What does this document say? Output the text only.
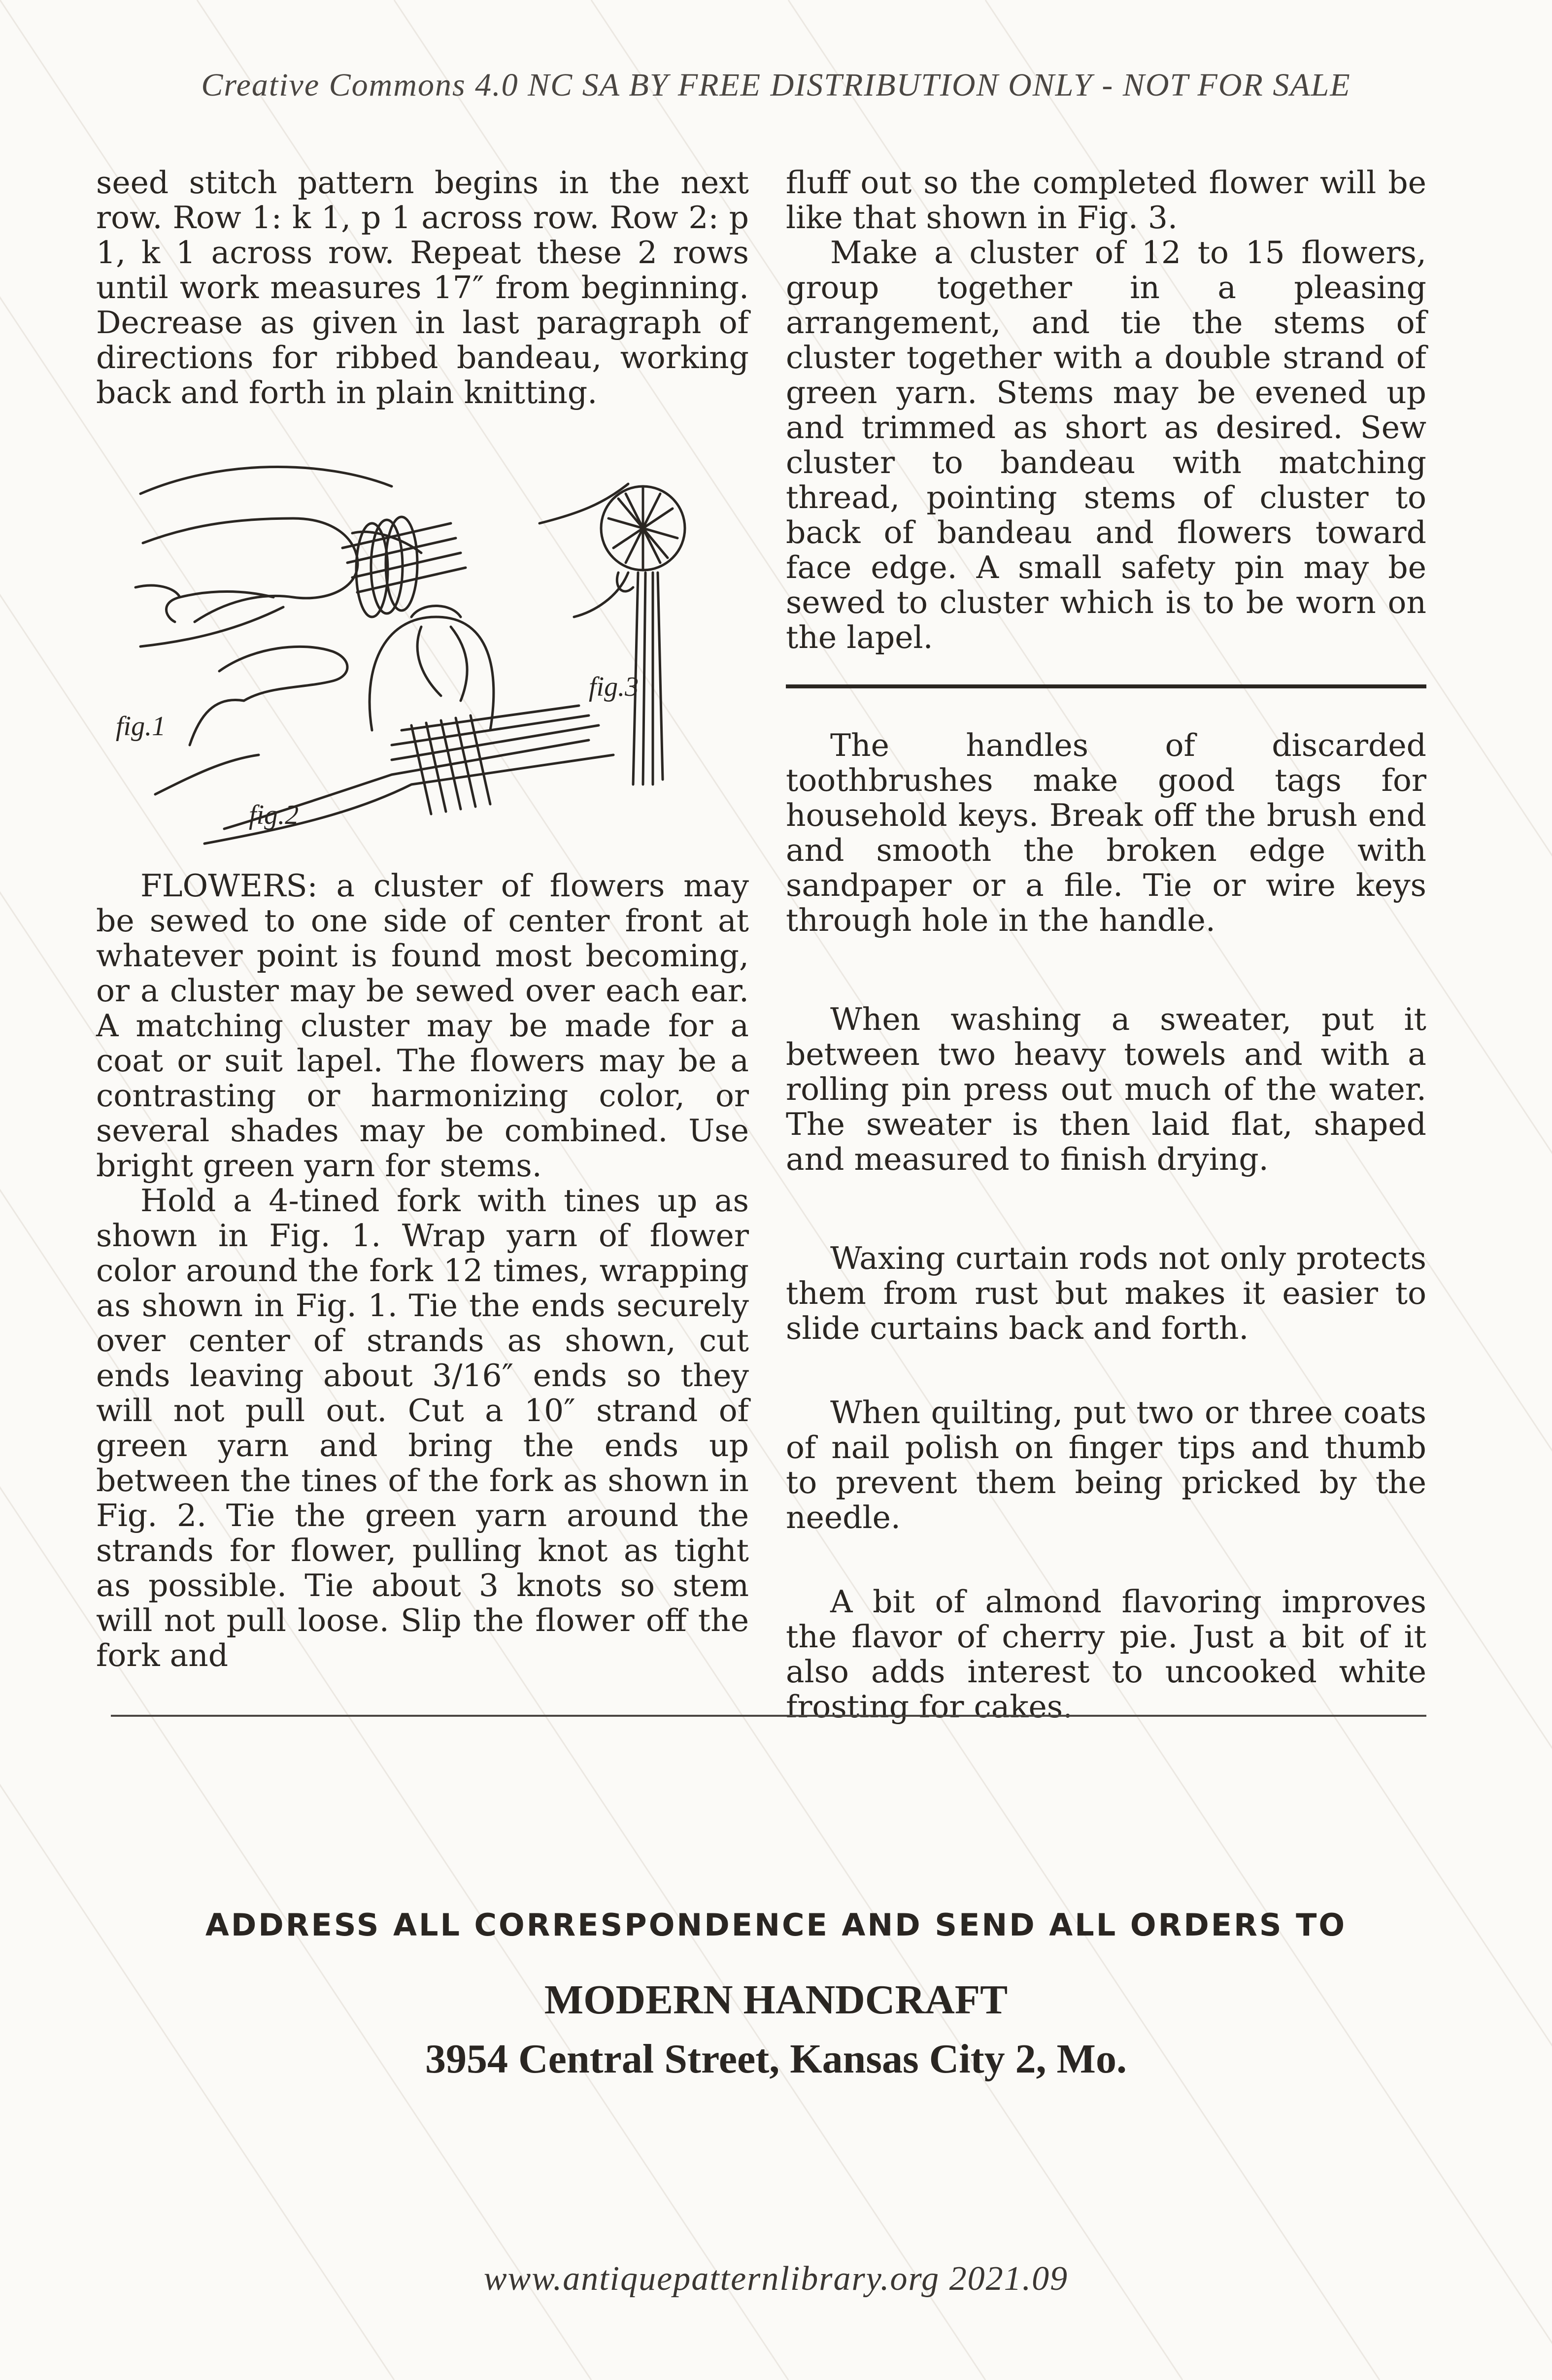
Creative Commons 4.0 NC SA BY FREE DISTRIBUTION ONLY - NOT FOR SALE

seed stitch pattern begins in the next row. Row 1: k 1, p 1 across row. Row 2: p 1, k 1 across row. Repeat these 2 rows until work measures 17″ from beginning. Decrease as given in last paragraph of directions for ribbed bandeau, working back and forth in plain knitting.

fig.1
fig.2
fig.3

FLOWERS: a cluster of flowers may be sewed to one side of center front at whatever point is found most becoming, or a cluster may be sewed over each ear. A matching cluster may be made for a coat or suit lapel. The flowers may be a contrasting or harmonizing color, or several shades may be combined. Use bright green yarn for stems.

Hold a 4-tined fork with tines up as shown in Fig. 1. Wrap yarn of flower color around the fork 12 times, wrapping as shown in Fig. 1. Tie the ends securely over center of strands as shown, cut ends leaving about 3/16″ ends so they will not pull out. Cut a 10″ strand of green yarn and bring the ends up between the tines of the fork as shown in Fig. 2. Tie the green yarn around the strands for flower, pulling knot as tight as possible. Tie about 3 knots so stem will not pull loose. Slip the flower off the fork and

fluff out so the completed flower will be like that shown in Fig. 3.

Make a cluster of 12 to 15 flowers, group together in a pleasing arrangement, and tie the stems of cluster together with a double strand of green yarn. Stems may be evened up and trimmed as short as desired. Sew cluster to bandeau with matching thread, pointing stems of cluster to back of bandeau and flowers toward face edge. A small safety pin may be sewed to cluster which is to be worn on the lapel.

The handles of discarded toothbrushes make good tags for household keys. Break off the brush end and smooth the broken edge with sandpaper or a file. Tie or wire keys through hole in the handle.

When washing a sweater, put it between two heavy towels and with a rolling pin press out much of the water. The sweater is then laid flat, shaped and measured to finish drying.

Waxing curtain rods not only protects them from rust but makes it easier to slide curtains back and forth.

When quilting, put two or three coats of nail polish on finger tips and thumb to prevent them being pricked by the needle.

A bit of almond flavoring improves the flavor of cherry pie. Just a bit of it also adds interest to uncooked white frosting for cakes.

ADDRESS ALL CORRESPONDENCE AND SEND ALL ORDERS TO
MODERN HANDCRAFT
3954 Central Street, Kansas City 2, Mo.
www.antiquepatternlibrary.org 2021.09
